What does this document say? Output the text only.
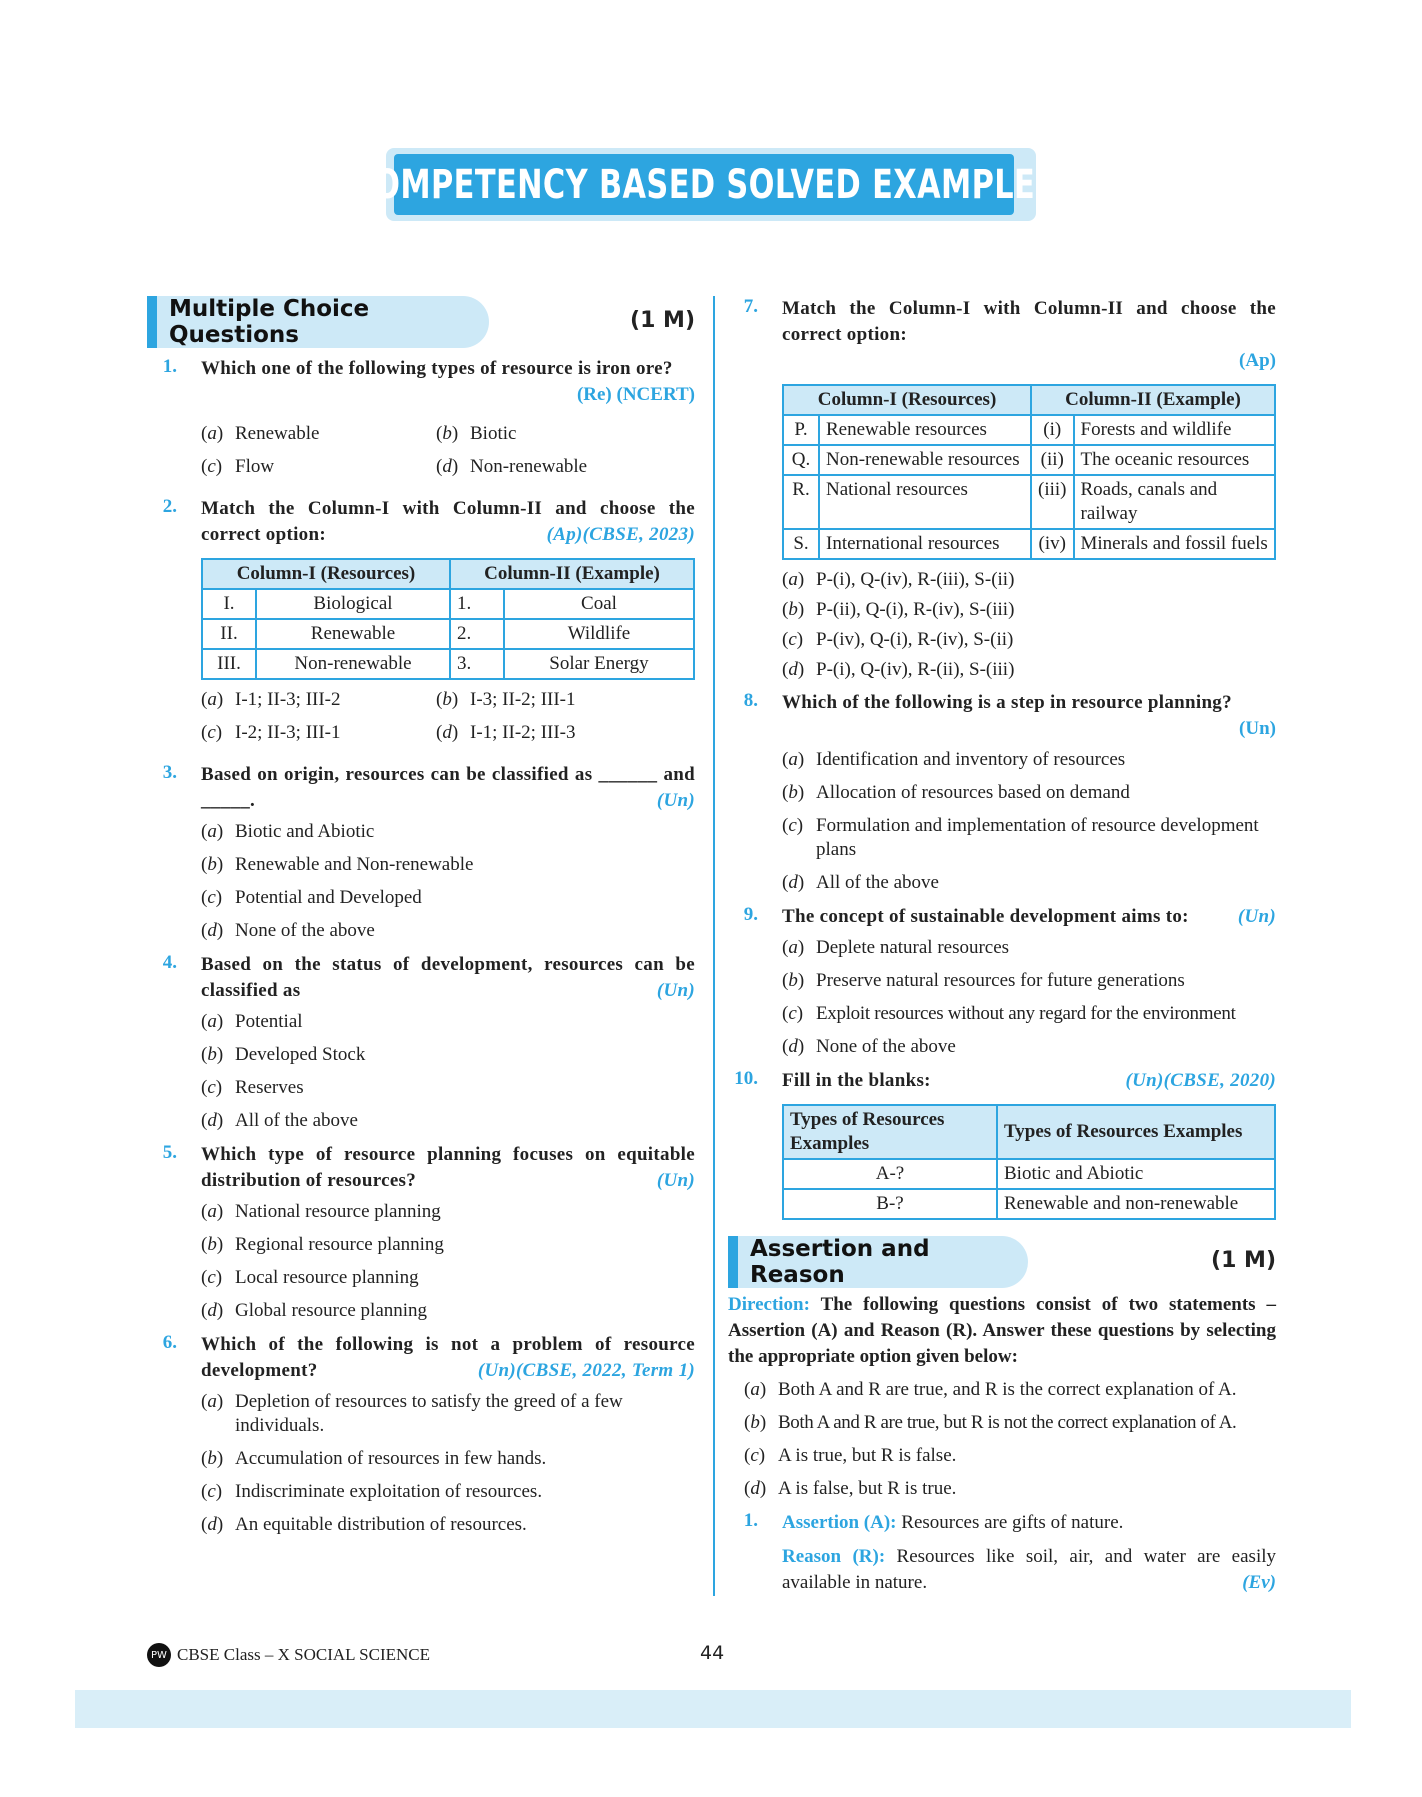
COMPETENCY BASED SOLVED EXAMPLES
Multiple Choice Questions
(1 M)
1. Which one of the following types of resource is iron ore?
(Re) (NCERT)
(a) Renewable	(b) Biotic
(c) Flow	(d) Non-renewable
2. Match the Column-I with Column-II and choose the correct option:	(Ap)(CBSE, 2023)
Column-I (Resources)		Column-II (Example)	
I.	Biological	1.	Coal
II.	Renewable	2.	Wildlife
III.	Non-renewable	3.	Solar Energy
(a) I-1; II-3; III-2	(b) I-3; II-2; III-1
(c) I-2; II-3; III-1	(d) I-1; II-2; III-3
3. Based on origin, resources can be classified as ______ and _____.	(Un)
(a) Biotic and Abiotic
(b) Renewable and Non-renewable
(c) Potential and Developed
(d) None of the above
4. Based on the status of development, resources can be classified as	(Un)
(a) Potential
(b) Developed Stock
(c) Reserves
(d) All of the above
5. Which type of resource planning focuses on equitable distribution of resources?	(Un)
(a) National resource planning
(b) Regional resource planning
(c) Local resource planning
(d) Global resource planning
6. Which of the following is not a problem of resource development?	(Un)(CBSE, 2022, Term 1)
(a) Depletion of resources to satisfy the greed of a few individuals.
(b) Accumulation of resources in few hands.
(c) Indiscriminate exploitation of resources.
(d) An equitable distribution of resources.
7. Match the Column-I with Column-II and choose the correct option:
(Ap)
Column-I (Resources)		Column-II (Example)	
P.	Renewable resources	(i)	Forests and wildlife
Q.	Non-renewable resources	(ii)	The oceanic resources
R.	National resources	(iii)	Roads, canals and railway
S.	International resources	(iv)	Minerals and fossil fuels
(a) P-(i), Q-(iv), R-(iii), S-(ii)
(b) P-(ii), Q-(i), R-(iv), S-(iii)
(c) P-(iv), Q-(i), R-(iv), S-(ii)
(d) P-(i), Q-(iv), R-(ii), S-(iii)
8. Which of the following is a step in resource planning?
(Un)
(a) Identification and inventory of resources
(b) Allocation of resources based on demand
(c) Formulation and implementation of resource development plans
(d) All of the above
9. The concept of sustainable development aims to:	(Un)
(a) Deplete natural resources
(b) Preserve natural resources for future generations
(c) Exploit resources without any regard for the environment
(d) None of the above
10. Fill in the blanks:	(Un)(CBSE, 2020)
Types of Resources Examples	Types of Resources Examples
A-?	Biotic and Abiotic
B-?	Renewable and non-renewable
Assertion and Reason
(1 M)
Direction: The following questions consist of two statements – Assertion (A) and Reason (R). Answer these questions by selecting the appropriate option given below:
(a) Both A and R are true, and R is the correct explanation of A.
(b) Both A and R are true, but R is not the correct explanation of A.
(c) A is true, but R is false.
(d) A is false, but R is true.
1. Assertion (A): Resources are gifts of nature.
Reason (R): Resources like soil, air, and water are easily available in nature.	(Ev)
PW CBSE Class – X SOCIAL SCIENCE	44
